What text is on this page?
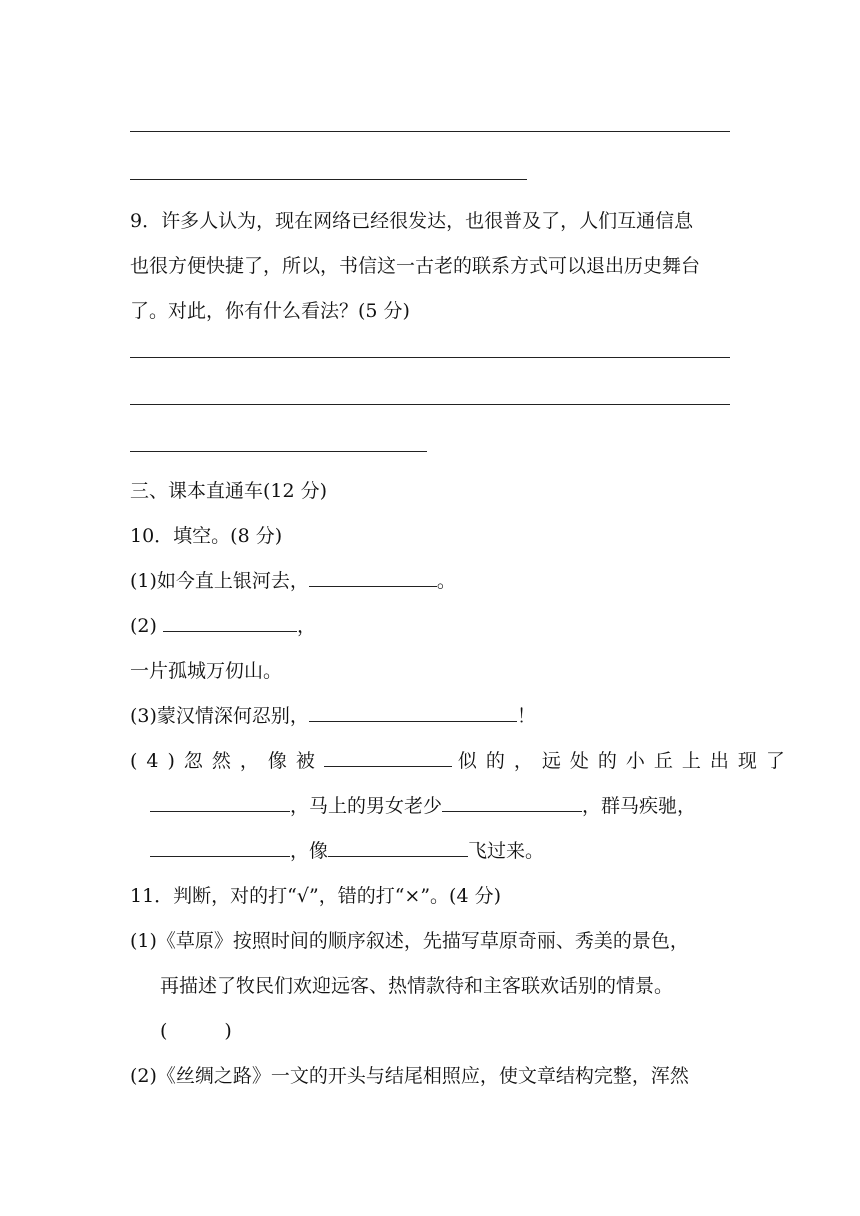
9．许多人认为，现在网络已经很发达，也很普及了，人们互通信息
也很方便快捷了，所以，书信这一古老的联系方式可以退出历史舞台
了。对此，你有什么看法？(5 分)
三、课本直通车(12 分)
10．填空。(8 分)
(1)如今直上银河去，	。
(2)	，
一片孤城万仞山。
(3)蒙汉情深何忍别，	！
(4)忽然，像被	似的，远处的小丘上出现了
，马上的男女老少	，群马疾驰，
，像	飞过来。
11．判断，对的打“√”，错的打“×”。(4 分)
(1)《草原》按照时间的顺序叙述，先描写草原奇丽、秀美的景色，
再描述了牧民们欢迎远客、热情款待和主客联欢话别的情景。
(　　　)
(2)《丝绸之路》一文的开头与结尾相照应，使文章结构完整，浑然
